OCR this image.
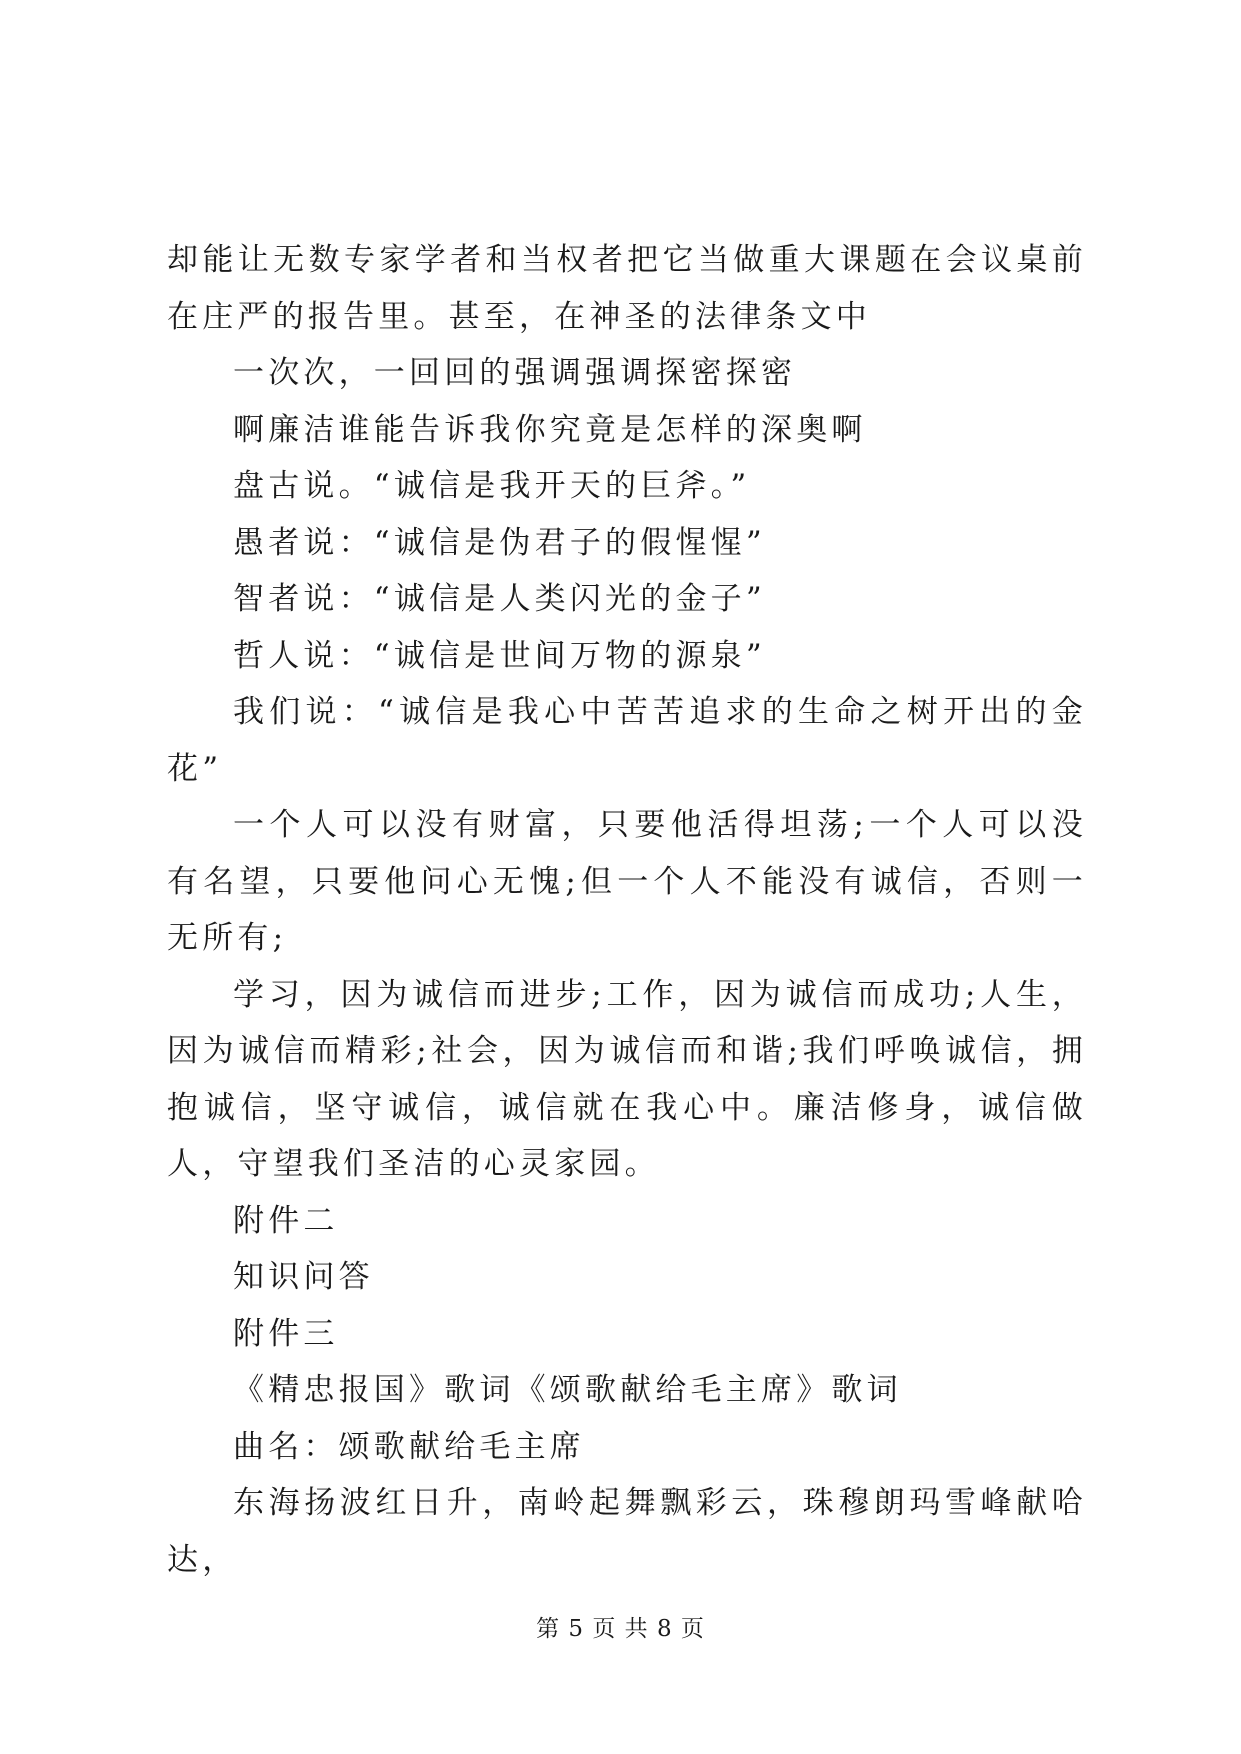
却能让无数专家学者和当权者把它当做重大课题在会议桌前在庄严的报告里。甚至，在神圣的法律条文中

一次次，一回回的强调强调探密探密

啊廉洁谁能告诉我你究竟是怎样的深奥啊

盘古说。“诚信是我开天的巨斧。”

愚者说：“诚信是伪君子的假惺惺”

智者说：“诚信是人类闪光的金子”

哲人说：“诚信是世间万物的源泉”

我们说：“诚信是我心中苦苦追求的生命之树开出的金花”

一个人可以没有财富，只要他活得坦荡;一个人可以没有名望，只要他问心无愧;但一个人不能没有诚信，否则一无所有;

学习，因为诚信而进步;工作，因为诚信而成功;人生，因为诚信而精彩;社会，因为诚信而和谐;我们呼唤诚信，拥抱诚信，坚守诚信，诚信就在我心中。廉洁修身，诚信做人，守望我们圣洁的心灵家园。

附件二

知识问答

附件三

《精忠报国》歌词《颂歌献给毛主席》歌词

曲名：颂歌献给毛主席

东海扬波红日升，南岭起舞飘彩云，珠穆朗玛雪峰献哈达，

第 5 页 共 8 页
